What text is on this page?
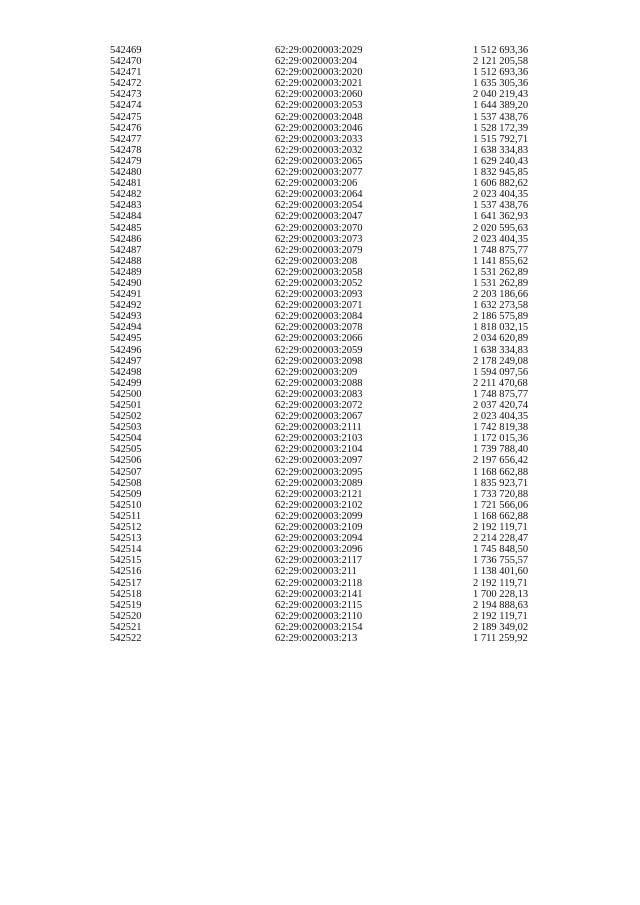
542469	62:29:0020003:2029	1 512 693,36
542470	62:29:0020003:204	2 121 205,58
542471	62:29:0020003:2020	1 512 693,36
542472	62:29:0020003:2021	1 635 305,36
542473	62:29:0020003:2060	2 040 219,43
542474	62:29:0020003:2053	1 644 389,20
542475	62:29:0020003:2048	1 537 438,76
542476	62:29:0020003:2046	1 528 172,39
542477	62:29:0020003:2033	1 515 792,71
542478	62:29:0020003:2032	1 638 334,83
542479	62:29:0020003:2065	1 629 240,43
542480	62:29:0020003:2077	1 832 945,85
542481	62:29:0020003:206	1 606 882,62
542482	62:29:0020003:2064	2 023 404,35
542483	62:29:0020003:2054	1 537 438,76
542484	62:29:0020003:2047	1 641 362,93
542485	62:29:0020003:2070	2 020 595,63
542486	62:29:0020003:2073	2 023 404,35
542487	62:29:0020003:2079	1 748 875,77
542488	62:29:0020003:208	1 141 855,62
542489	62:29:0020003:2058	1 531 262,89
542490	62:29:0020003:2052	1 531 262,89
542491	62:29:0020003:2093	2 203 186,66
542492	62:29:0020003:2071	1 632 273,58
542493	62:29:0020003:2084	2 186 575,89
542494	62:29:0020003:2078	1 818 032,15
542495	62:29:0020003:2066	2 034 620,89
542496	62:29:0020003:2059	1 638 334,83
542497	62:29:0020003:2098	2 178 249,08
542498	62:29:0020003:209	1 594 097,56
542499	62:29:0020003:2088	2 211 470,68
542500	62:29:0020003:2083	1 748 875,77
542501	62:29:0020003:2072	2 037 420,74
542502	62:29:0020003:2067	2 023 404,35
542503	62:29:0020003:2111	1 742 819,38
542504	62:29:0020003:2103	1 172 015,36
542505	62:29:0020003:2104	1 739 788,40
542506	62:29:0020003:2097	2 197 656,42
542507	62:29:0020003:2095	1 168 662,88
542508	62:29:0020003:2089	1 835 923,71
542509	62:29:0020003:2121	1 733 720,88
542510	62:29:0020003:2102	1 721 566,06
542511	62:29:0020003:2099	1 168 662,88
542512	62:29:0020003:2109	2 192 119,71
542513	62:29:0020003:2094	2 214 228,47
542514	62:29:0020003:2096	1 745 848,50
542515	62:29:0020003:2117	1 736 755,57
542516	62:29:0020003:211	1 138 401,60
542517	62:29:0020003:2118	2 192 119,71
542518	62:29:0020003:2141	1 700 228,13
542519	62:29:0020003:2115	2 194 888,63
542520	62:29:0020003:2110	2 192 119,71
542521	62:29:0020003:2154	2 189 349,02
542522	62:29:0020003:213	1 711 259,92
